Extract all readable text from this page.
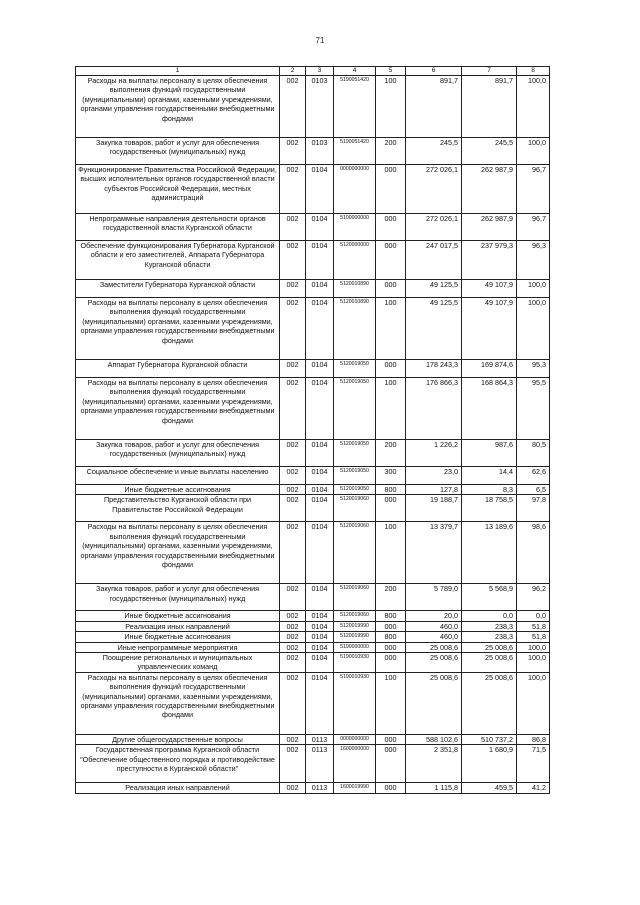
71
1	2	3	4	5	6	7	8
Расходы на выплаты персоналу в целях обеспечения выполнения функций государственными (муниципальными) органами, казенными учреждениями, органами управления государственными внебюджетными фондами	002	0103	5190051420	100	891,7	891,7	100,0
Закупка товаров, работ и услуг для обеспечения государственных (муниципальных) нужд	002	0103	5190051420	200	245,5	245,5	100,0
Функционирование Правительства Российской Федерации, высших исполнительных органов государственной власти субъектов Российской Федерации, местных администраций	002	0104	0000000000	000	272 026,1	262 987,9	96,7
Непрограммные направления деятельности органов государственной власти Курганской области	002	0104	5100000000	000	272 026,1	262 987,9	96,7
Обеспечение функционирования Губернатора Курганской области и его заместителей, Аппарата Губернатора Курганской области	002	0104	5120000000	000	247 017,5	237 979,3	96,3
Заместители Губернатора Курганской области	002	0104	5120010890	000	49 125,5	49 107,9	100,0
Расходы на выплаты персоналу в целях обеспечения выполнения функций государственными (муниципальными) органами, казенными учреждениями, органами управления государственными внебюджетными фондами	002	0104	5120010890	100	49 125,5	49 107,9	100,0
Аппарат Губернатора Курганской области	002	0104	5120019050	000	178 243,3	169 874,6	95,3
Расходы на выплаты персоналу в целях обеспечения выполнения функций государственными (муниципальными) органами, казенными учреждениями, органами управления государственными внебюджетными фондами	002	0104	5120019050	100	176 866,3	168 864,3	95,5
Закупка товаров, работ и услуг для обеспечения государственных (муниципальных) нужд	002	0104	5120019050	200	1 226,2	987,6	80,5
Социальное обеспечение и иные выплаты населению	002	0104	5120019050	300	23,0	14,4	62,6
Иные бюджетные ассигнования	002	0104	5120019050	800	127,8	8,3	6,5
Представительство Курганской области при Правительстве Российской Федерации	002	0104	5120019060	000	19 188,7	18 758,5	97,8
Расходы на выплаты персоналу в целях обеспечения выполнения функций государственными (муниципальными) органами, казенными учреждениями, органами управления государственными внебюджетными фондами	002	0104	5120019060	100	13 379,7	13 189,6	98,6
Закупка товаров, работ и услуг для обеспечения государственных (муниципальных) нужд	002	0104	5120019060	200	5 789,0	5 568,9	96,2
Иные бюджетные ассигнования	002	0104	5120019060	800	20,0	0,0	0,0
Реализация иных направлений	002	0104	5120019990	000	460,0	238,3	51,8
Иные бюджетные ассигнования	002	0104	5120019990	800	460,0	238,3	51,8
Иные непрограммные мероприятия	002	0104	5190000000	000	25 008,6	25 008,6	100,0
Поощрение региональных и муниципальных управленческих команд	002	0104	5190010930	000	25 008,6	25 008,6	100,0
Расходы на выплаты персоналу в целях обеспечения выполнения функций государственными (муниципальными) органами, казенными учреждениями, органами управления государственными внебюджетными фондами	002	0104	5190010930	100	25 008,6	25 008,6	100,0
Другие общегосударственные вопросы	002	0113	0000000000	000	588 102,6	510 737,2	86,8
Государственная программа Курганской области "Обеспечение общественного порядка и противодействие преступности в Курганской области"	002	0113	1600000000	000	2 351,8	1 680,9	71,5
Реализация иных направлений	002	0113	1600019990	000	1 115,8	459,5	41,2
